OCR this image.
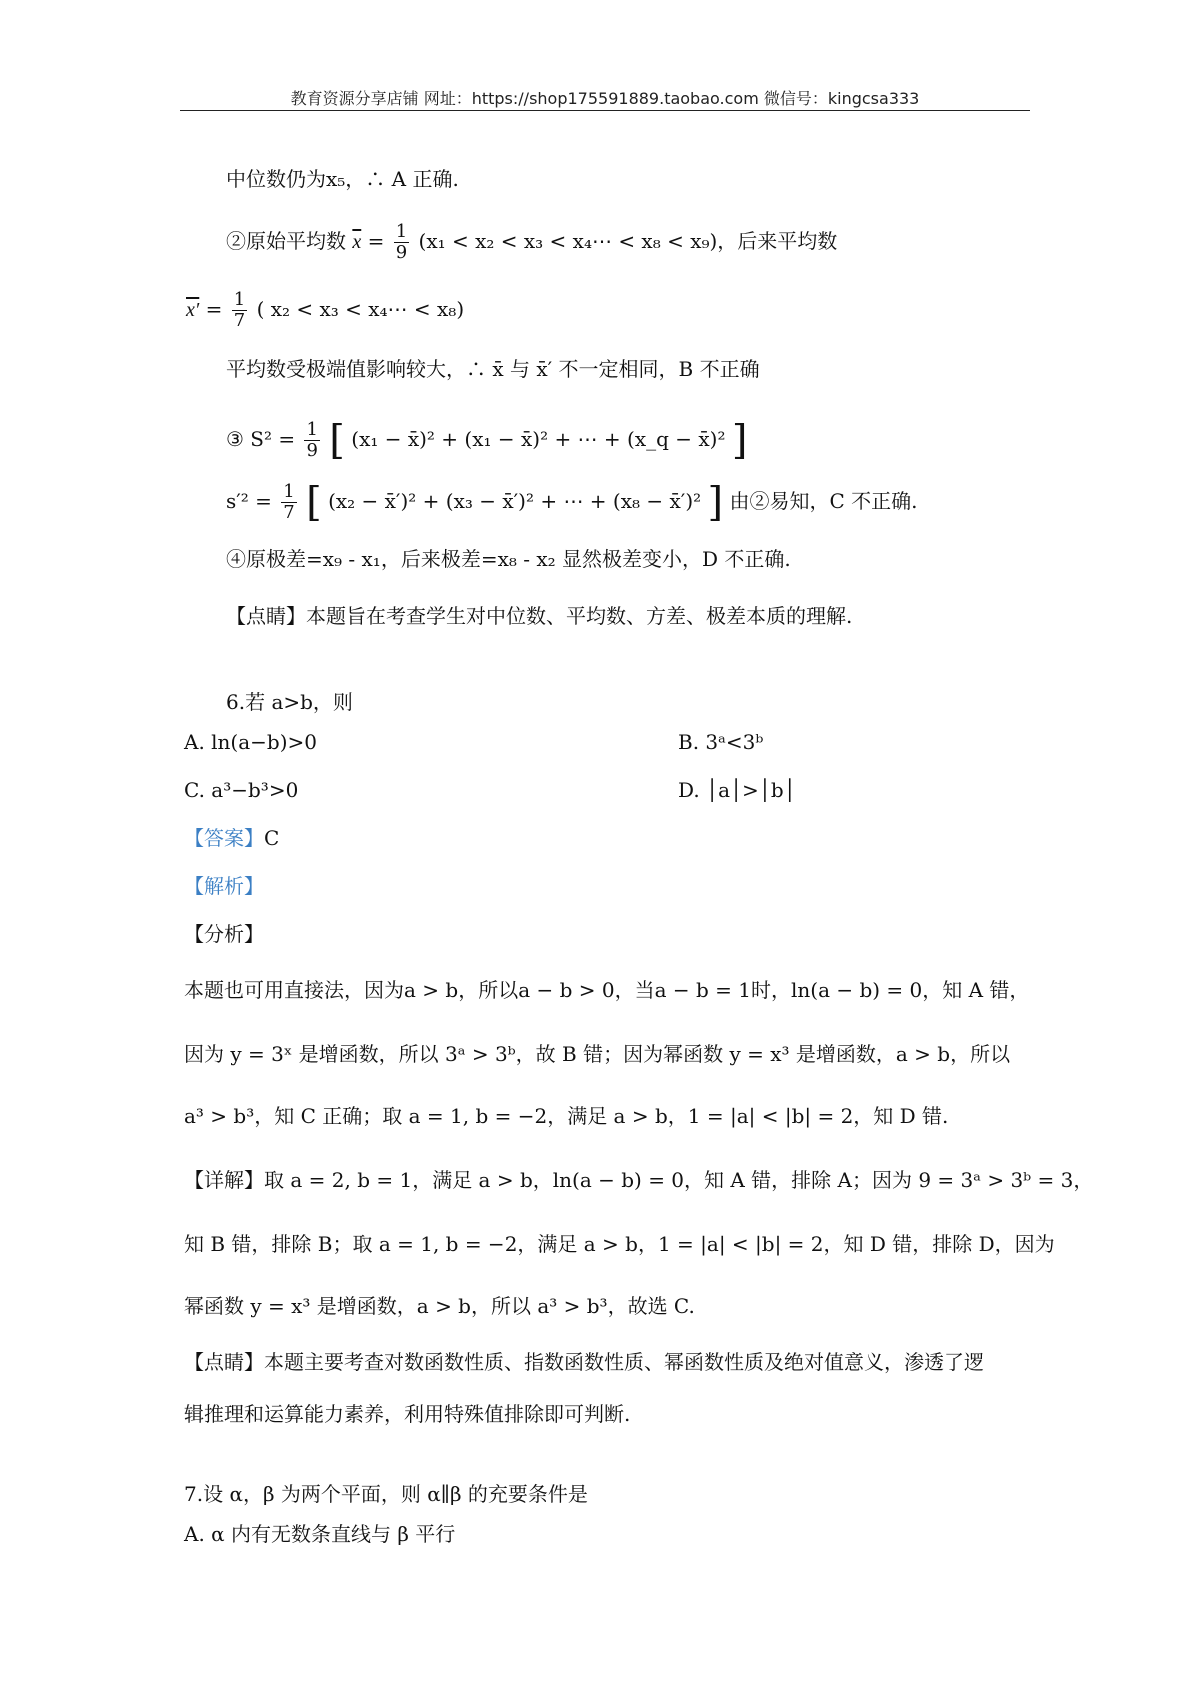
教育资源分享店铺 网址：https://shop175591889.taobao.com 微信号：kingcsa333
中位数仍为x₅，∴ A 正确.
②原始平均数 $\overline{x} = \frac{1}{9} (x_1 < x_2 < x_3$ < x₄⋯ < x₈ < x₉)，后来平均数
$x' = \frac{1}{7}$ ( x₂ < x₃ < x₄⋯ < x₈)
平均数受极端值影响较大，∴ x̄ 与 x̄′ 不一定相同，B 不正确
③ $S^2 = \frac{1}{9}$ [ (x₁ − x̄)² + (x₁ − x̄)² + ⋯ + (x_q − x̄)² ]
$s'^2 = \frac{1}{7}$ [ (x₂ − x̄′)² + (x₃ − x̄′)² + ⋯ + (x₈ − x̄′)² ] 由②易知，C 不正确.
④原极差=x₉ - x₁，后来极差=x₈ - x₂ 显然极差变小，D 不正确.
【点睛】本题旨在考查学生对中位数、平均数、方差、极差本质的理解.
6.若 a>b，则
A. ln(a−b)>0	B. 3ᵃ<3ᵇ
C. a³−b³>0	D. │a│>│b│
【答案】C
【解析】
【分析】
本题也可用直接法，因为a > b，所以a − b > 0，当a − b = 1时，ln(a − b) = 0，知 A 错，
因为 y = 3ˣ 是增函数，所以 3ᵃ > 3ᵇ，故 B 错；因为幂函数 y = x³ 是增函数，a > b，所以
a³ > b³，知 C 正确；取 a = 1, b = −2，满足 a > b，1 = |a| < |b| = 2，知 D 错.
【详解】取 a = 2, b = 1，满足 a > b，ln(a − b) = 0，知 A 错，排除 A；因为 9 = 3ᵃ > 3ᵇ = 3，
知 B 错，排除 B；取 a = 1, b = −2，满足 a > b，1 = |a| < |b| = 2，知 D 错，排除 D，因为
幂函数 y = x³ 是增函数，a > b，所以 a³ > b³，故选 C.
【点睛】本题主要考查对数函数性质、指数函数性质、幂函数性质及绝对值意义，渗透了逻
辑推理和运算能力素养，利用特殊值排除即可判断.
7.设 α，β 为两个平面，则 α∥β 的充要条件是
A. α 内有无数条直线与 β 平行
